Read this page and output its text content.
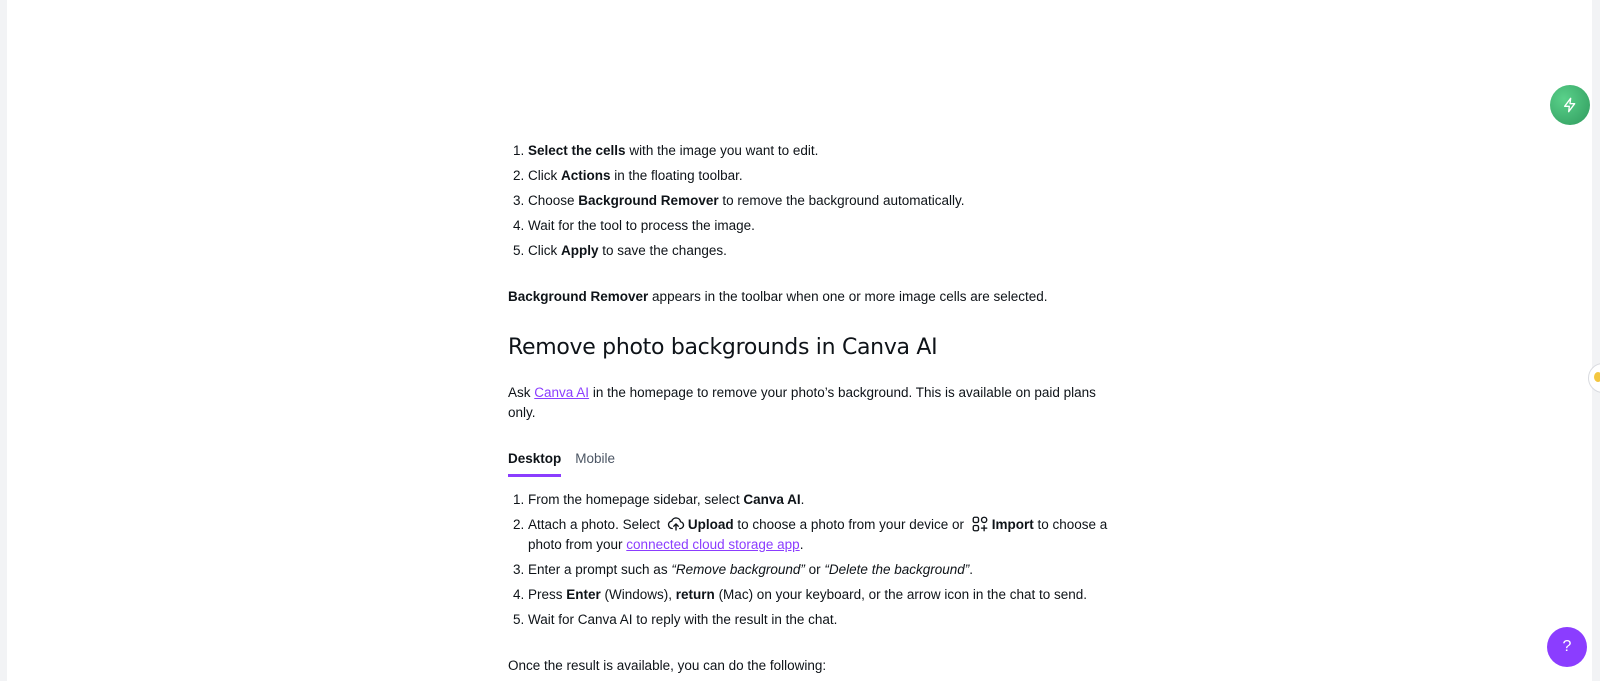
1. Select the cells with the image you want to edit.
2. Click Actions in the floating toolbar.
3. Choose Background Remover to remove the background automatically.
4. Wait for the tool to process the image.
5. Click Apply to save the changes.

Background Remover appears in the toolbar when one or more image cells are selected.

Remove photo backgrounds in Canva AI

Ask Canva AI in the homepage to remove your photo’s background. This is available on paid plans only.

Desktop Mobile
1. From the homepage sidebar, select Canva AI.
2. Attach a photo. Select Upload to choose a photo from your device or Import to choose a photo from your connected cloud storage app.
3. Enter a prompt such as “Remove background” or “Delete the background”.
4. Press Enter (Windows), return (Mac) on your keyboard, or the arrow icon in the chat to send.
5. Wait for Canva AI to reply with the result in the chat.

Once the result is available, you can do the following:

?
